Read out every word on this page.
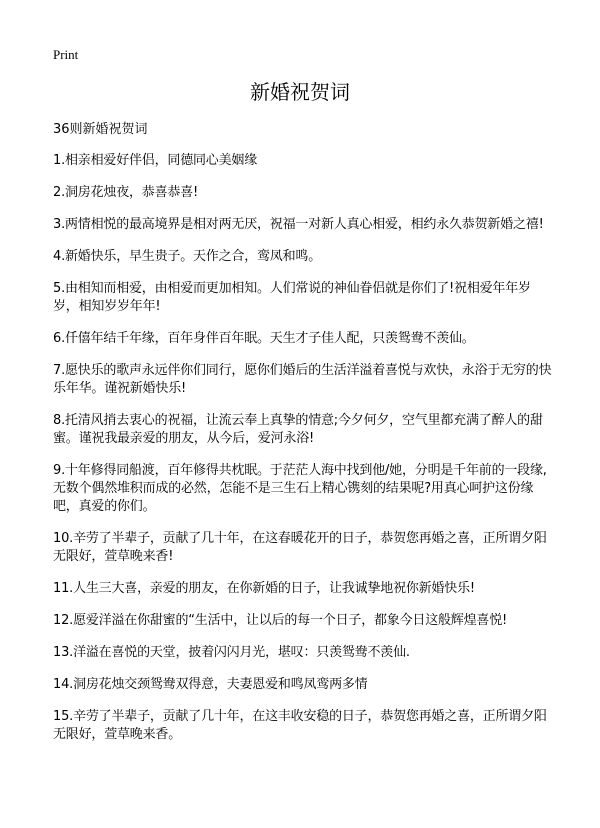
Print
新婚祝贺词

36则新婚祝贺词

1.相亲相爱好伴侣，同德同心美姻缘
2.洞房花烛夜，恭喜恭喜!
3.两情相悦的最高境界是相对两无厌，祝福一对新人真心相爱，相约永久恭贺新婚之禧!
4.新婚快乐，早生贵子。天作之合，鸾凤和鸣。
5.由相知而相爱，由相爱而更加相知。人们常说的神仙眷侣就是你们了!祝相爱年年岁岁，相知岁岁年年!
6.仟僖年结千年缘，百年身伴百年眠。天生才子佳人配，只羡鸳鸯不羡仙。
7.愿快乐的歌声永远伴你们同行，愿你们婚后的生活洋溢着喜悦与欢快，永浴于无穷的快乐年华。谨祝新婚快乐!
8.托清风捎去衷心的祝福，让流云奉上真挚的情意;今夕何夕，空气里都充满了醉人的甜蜜。谨祝我最亲爱的朋友，从今后，爱河永浴!
9.十年修得同船渡，百年修得共枕眠。于茫茫人海中找到他/她，分明是千年前的一段缘,无数个偶然堆积而成的必然，怎能不是三生石上精心镌刻的结果呢?用真心呵护这份缘吧，真爱的你们。
10.辛劳了半辈子，贡献了几十年，在这春暖花开的日子，恭贺您再婚之喜，正所谓夕阳无限好，萱草晚来香!
11.人生三大喜，亲爱的朋友，在你新婚的日子，让我诚挚地祝你新婚快乐!
12.愿爱洋溢在你甜蜜的“生活中，让以后的每一个日子，都象今日这般辉煌喜悦!
13.洋溢在喜悦的天堂，披着闪闪月光，堪叹：只羡鸳鸯不羡仙.
14.洞房花烛交颈鸳鸯双得意，夫妻恩爱和鸣凤鸾两多情
15.辛劳了半辈子，贡献了几十年，在这丰收安稳的日子，恭贺您再婚之喜，正所谓夕阳无限好，萱草晚来香。
